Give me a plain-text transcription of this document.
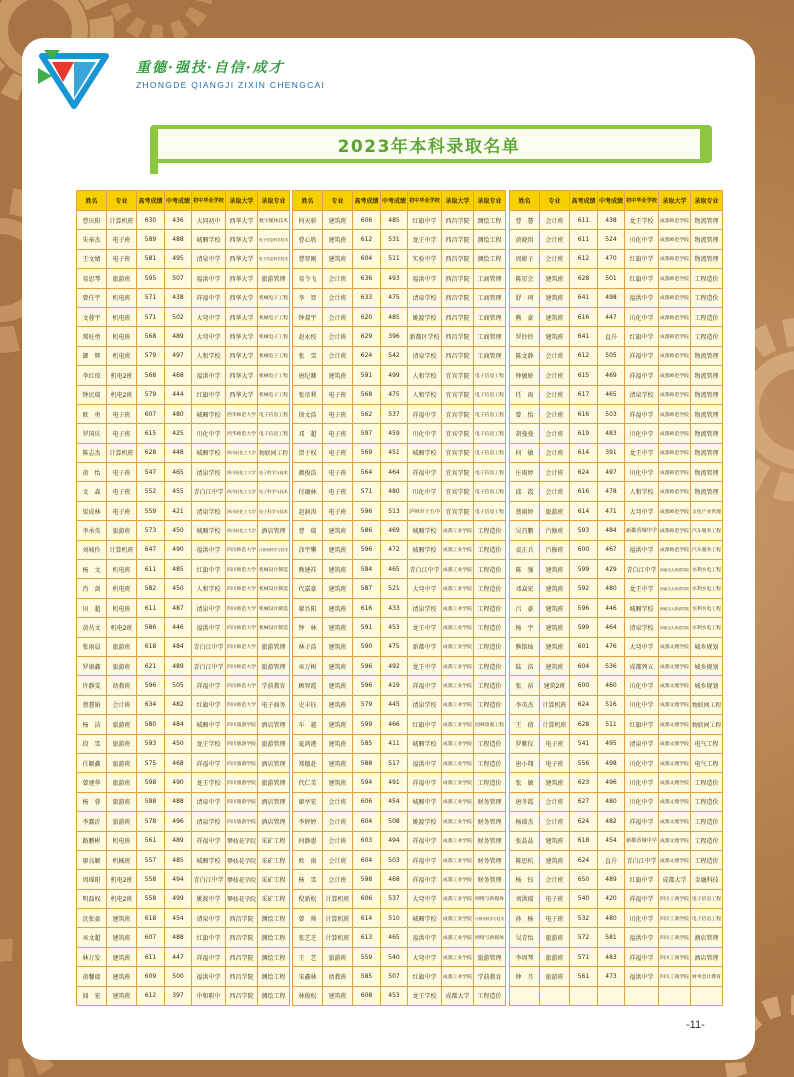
重德·强技·自信·成才
ZHONGDE QIANGJI ZIXIN CHENGCAI
2023年本科录取名单
姓名	专业	高考成绩	中考成绩	初中毕业学校	录取大学	录取专业
曹庆阳	计算机班	630	436	大同初中	西华大学	数字媒体技术
朱奉杰	电子班	589	488	城厢学校	西华大学	电子信息科学技术
王文婧	电子班	581	495	清泉中学	西华大学	电子信息科学技术
易思琴	旅游班	595	507	福洪中学	西华大学	旅游管理
曾任宇	机电班	571	438	祥福中学	西华大学	机械电子工程
文蓉宇	机电班	571	502	大弯中学	西华大学	机械电子工程
郑旺勇	机电班	568	489	大弯中学	西华大学	机械电子工程
御　辉	机电班	579	497	人和学校	西华大学	机械电子工程
李红琼	机电2班	568	468	福洪中学	西华大学	机械电子工程
钟民瑞	机电2班	579	444	红旗中学	西华大学	机械电子工程
欧　勇	电子班	607	480	城厢学校	西华师范大学	电子信息工程
罗国庆	电子班	615	425	川化中学	西华师范大学	电子信息工程
陈志杰	计算机班	628	448	城厢学校	四川轻化工大学	物联网工程
黄　怡	电子班	547	465	清泉学校	四川轻化工大学	电子科学与技术
文　森	电子班	552	455	青白江中学	四川轻化工大学	电子科学与技术
梁成林	电子班	559	421	清泉学校	四川轻化工大学	电子科学与技术
李承英	旅游班	573	450	城厢学校	四川轻化工大学	酒店管理
刘城伶	计算机班	647	490	福洪中学	四川师范大学	计算机科学与技术
杨　文	机电班	611	485	红旗中学	四川师范大学	机械设计制造
肖　剑	机电班	582	450	人和学校	四川师范大学	机械设计制造
田　超	机电班	611	487	清泉中学	四川师范大学	机械设计制造
黄丛文	机电2班	586	446	福洪中学	四川师范大学	机械设计制造
张雨晨	旅游班	618	484	青白江中学	四川师范大学	旅游管理
罗康鑫	旅游班	621	489	青白江中学	四川师范大学	旅游管理
许静雯	幼教班	596	505	祥福中学	四川师范大学	学前教育
蔡慧娟	会计班	634	482	红旗中学	四川师范大学	电子商务
杨　洁	旅游班	580	484	城厢中学	四川旅游学院	酒店管理
段　雪	旅游班	593	450	龙王学校	四川旅游学院	旅游管理
任颖鑫	旅游班	575	468	祥福中学	四川旅游学院	酒店管理
曾建华	旅游班	598	490	龙王学校	四川旅游学院	旅游管理
杨　蓉	旅游班	588	488	清泉中学	四川旅游学院	酒店管理
李露沂	旅游班	578	496	清泉学校	四川旅游学院	酒店管理
路鹏彬	机电班	561	489	祥福中学	攀枝花学院	采矿工程
廖良颖	机械班	557	485	城厢学校	攀枝花学院	采矿工程
周瑶阳	机电2班	558	494	青白江中学	攀枝花学院	采矿工程
明磊权	机电2班	558	499	姚渡中学	攀枝花学院	采矿工程
沈张豪	建筑班	618	454	清泉中学	西昌学院	测绘工程
巫文超	建筑班	607	488	红旗中学	西昌学院	测绘工程
林万发	建筑班	611	447	祥福中学	西昌学院	测绘工程
黄馨瑞	建筑班	609	500	福洪中学	西昌学院	测绘工程
闻　宏	建筑班	612	397	中和职中	西昌学院	测绘工程
姓名	专业	高考成绩	中考成绩	初中毕业学校	录取大学	录取专业
何天骄	建筑班	606	485	红旗中学	西昌学院	测绘工程
曹心欣	建筑班	612	531	龙王中学	西昌学院	测绘工程
曹智刚	建筑班	604	511	实验中学	西昌学院	测绘工程
易令飞	会计班	636	493	福洪中学	西昌学院	工商管理
李　智	会计班	633	475	清泉学校	西昌学院	工商管理
钟叔宇	会计班	620	485	姚渡学校	西昌学院	工商管理
赵永校	会计班	629	396	新都区学校	西昌学院	工商管理
张　雪	会计班	624	542	清泉学校	西昌学院	工商管理
唐纪卿	建筑班	591	499	人和学校	宜宾学院	电子信息工程
张帝利	电子班	568	475	人和学校	宜宾学院	电子信息工程
徐文浩	电子班	562	537	祥福中学	宜宾学院	电子信息工程
邓　超	电子班	597	459	川化中学	宜宾学院	电子信息工程
贺于权	电子班	569	451	城厢学校	宜宾学院	电子信息工程
颜俊浩	电子班	564	464	祥福中学	宜宾学院	电子信息工程
付融林	电子班	571	480	川化中学	宜宾学院	电子信息工程
赵洞涛	电子班	596	513	泸州市十五中	宜宾学院	电子信息工程
曹　瑞	建筑班	586	469	城厢学校	成都工业学院	工程造价
涂宇攀	建筑班	596	472	城厢学校	成都工业学院	工程造价
熊建祥	建筑班	584	465	青白江中学	成都工业学院	工程造价
代嘉豪	建筑班	587	521	大弯中学	成都工业学院	工程造价
廖吾阳	建筑班	616	433	清泉学校	成都工业学院	工程造价
钟　林	建筑班	591	453	龙王中学	成都工业学院	工程造价
林子浩	建筑班	590	475	新都中学	成都工业学院	工程造价
巫万树	建筑班	596	492	龙王中学	成都工业学院	工程造价
顾智霞	建筑班	596	419	祥福中学	成都工业学院	工程造价
史丰钰	建筑班	579	445	清泉学校	成都工业学院	工程造价
车　越	建筑班	599	466	红旗中学	成都工业学院	园林景观工程
夏鸿港	建筑班	585	411	城厢学校	成都工业学院	工程造价
郑德赶	建筑班	588	517	福洪中学	成都工业学院	工程造价
代仁美	建筑班	594	491	祥福中学	成都工业学院	工程造价
廖亭宏	会计班	606	454	城厢中学	成都工业学院	财务管理
李婷婷	会计班	604	508	姚渡学校	成都工业学院	财务管理
何静惠	会计班	603	494	祥福中学	成都工业学院	财务管理
欧　雨	会计班	604	503	祥福中学	成都工业学院	财务管理
杨　雪	会计班	598	468	祥福中学	成都工业学院	财务管理
倪新松	计算机班	606	537	大弯中学	成都工业学院	网络与新媒体
曾　帅	计算机班	614	510	城厢学校	成都工业学院	计算机科学与技术
张艺芝	计算机班	613	465	福洪中学	成都工业学院	网络与新媒体
王　艺	旅游班	559	540	大弯中学	成都工业学院	旅游管理
宋鑫林	幼教班	585	507	红旗中学	成都工业学院	学前教育
林俊松	建筑班	608	453	龙王学校	成都大学	工程造价
姓名	专业	高考成绩	中考成绩	初中毕业学校	录取大学	录取专业
曹　慧	会计班	611	438	龙王学校	成都师范学院	物流管理
黄晓玥	会计班	611	524	川化中学	成都师范学院	物流管理
周影子	会计班	612	470	红旗中学	成都师范学院	物流管理
陈星会	建筑班	628	501	红旗中学	成都师范学院	工程造价
舒　珂	建筑班	641	498	福洪中学	成都师范学院	工程造价
熊　豪	建筑班	616	447	川化中学	成都师范学院	工程造价
罗铃铃	建筑班	641	直升	红旗中学	成都师范学院	工程造价
陈文静	会计班	612	505	祥福中学	成都师范学院	物流管理
钟敏娇	会计班	615	469	祥福中学	成都师范学院	物流管理
任　雨	会计班	617	465	清泉学校	成都师范学院	物流管理
曾　怡	会计班	616	503	祥福中学	成都师范学院	物流管理
胡曼曼	会计班	619	483	川化中学	成都师范学院	物流管理
何　敏	会计班	614	391	龙王中学	成都师范学院	物流管理
庄雨婷	会计班	624	497	川化中学	成都师范学院	物流管理
邱　霞	会计班	616	478	人和学校	成都师范学院	物流管理
蔡雨婷	旅游班	614	471	大弯中学	成都师范学院	文化产业管理
吴召鹏	汽修班	593	484	新都香城中学	成都师范学院	汽车服务工程
袁正兵	汽修班	600	467	福洪中学	成都师范学院	汽车服务工程
陈　强	建筑班	599	429	青白江中学	西南交大希望学院	水利水电工程
邓焱宏	建筑班	592	480	龙王中学	西南交大希望学院	水利水电工程
吕　豪	建筑班	596	446	城厢学校	西南交大希望学院	水利水电工程
杨　宇	建筑班	599	464	清泉学校	西南交大希望学院	水利水电工程
熊铭灿	建筑班	601	476	大弯中学	成都文理学院	城乡规划
陆　浩	建筑班	604	536	成都列五	成都文理学院	城乡规划
张　裕	建筑2班	600	460	川化中学	成都文理学院	城乡规划
李英杰	计算机班	624	516	川化中学	成都文理学院	物联网工程
王　倩	计算机班	628	511	红旗中学	成都文理学院	物联网工程
罗紫仪	电子班	541	495	清泉中学	成都文理学院	电气工程
唐小翔	电子班	556	498	川化中学	成都文理学院	电气工程
张　敏	建筑班	623	496	川化中学	成都文理学院	工程造价
唐冬霞	会计班	627	480	川化中学	成都文理学院	工程造价
杨瑞杰	会计班	624	482	祥福中学	成都文理学院	工程造价
张晶晶	建筑班	618	454	新都香城中学	成都文理学院	工程造价
陈思杭	建筑班	624	直升	青白江中学	成都文理学院	工程造价
杨　钰	会计班	650	489	红旗中学	成都大学	金融科技
刘洪瑞	电子班	540	420	祥福中学	四川工商学院	电子信息工程
孙　杨	电子班	532	480	川化中学	四川工商学院	电子信息工程
吴青怡	旅游班	572	581	福洪中学	四川工商学院	酒店管理
李周琴	旅游班	571	483	祥福中学	四川工商学院	酒店管理
钟　月	旅游班	561	473	福洪中学	四川工商学院	财务会计教育

-11-
